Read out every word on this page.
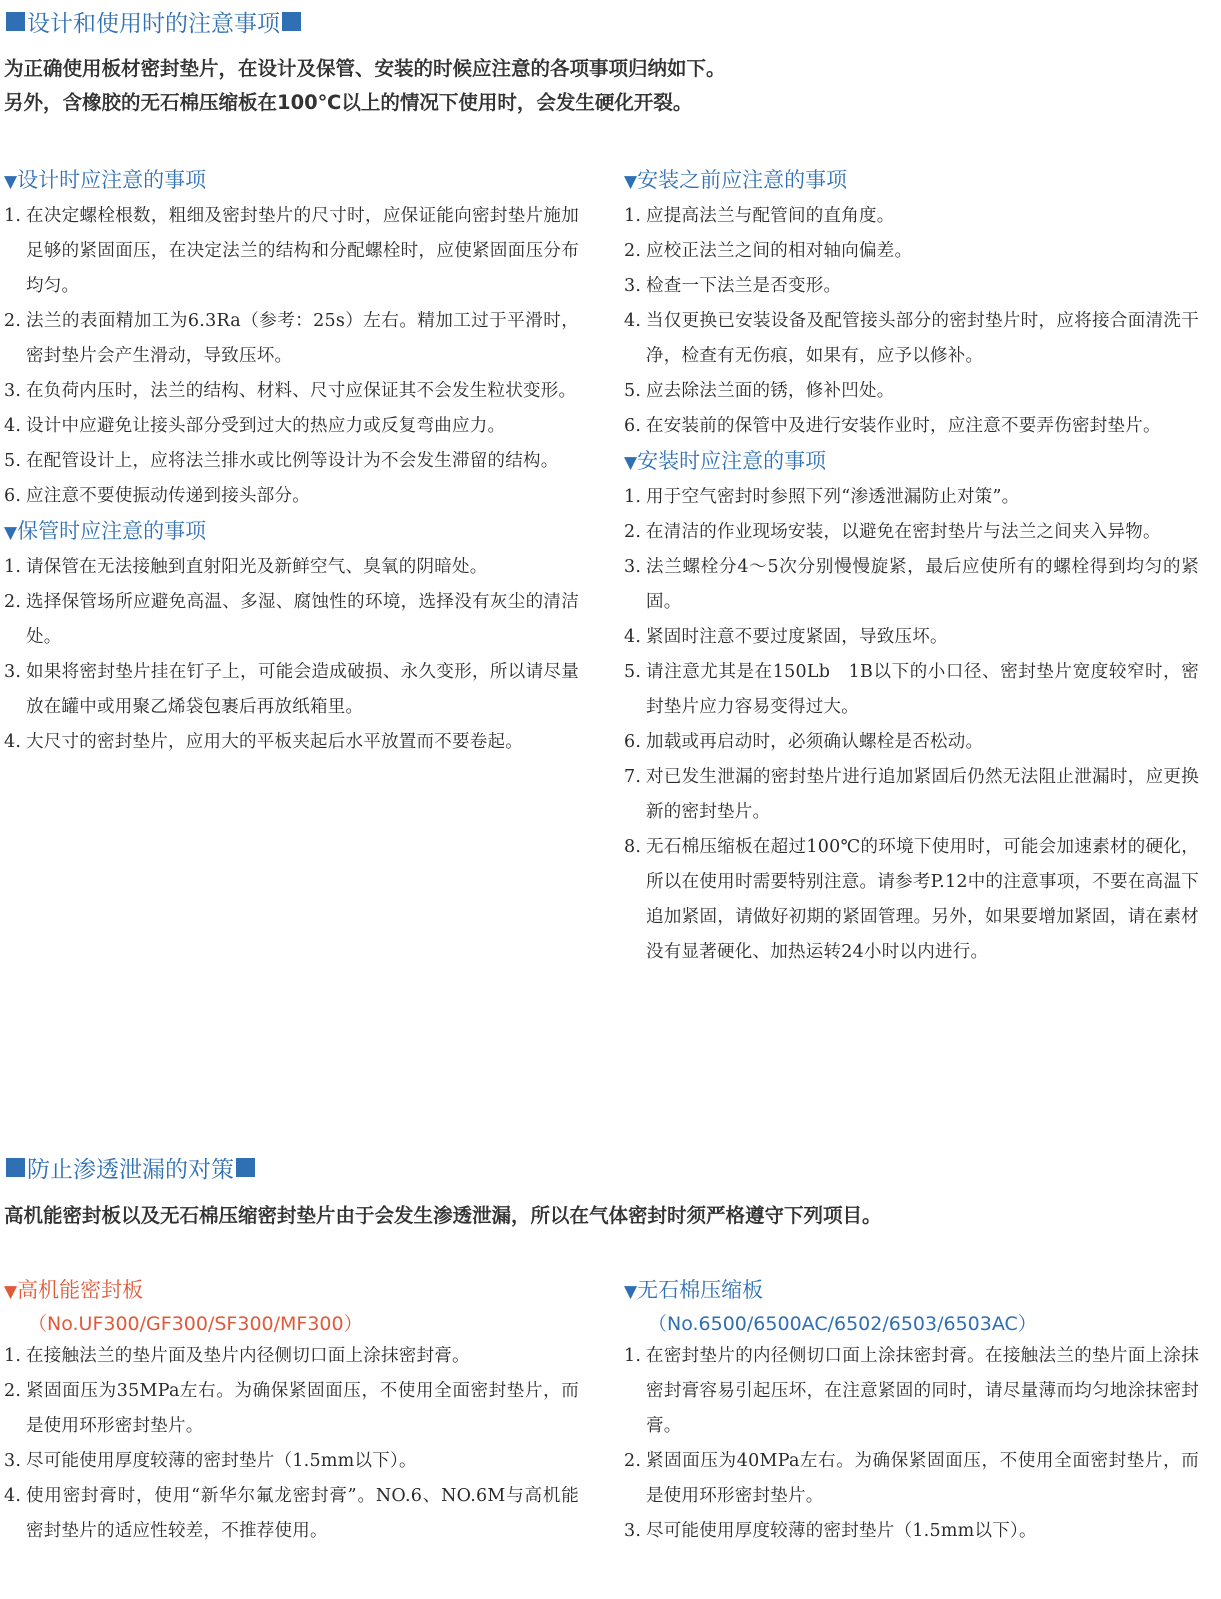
设计和使用时的注意事项
为正确使用板材密封垫片，在设计及保管、安装的时候应注意的各项事项归纳如下。
另外，含橡胶的无石棉压缩板在100℃以上的情况下使用时，会发生硬化开裂。
▼设计时应注意的事项
1. 在决定螺栓根数，粗细及密封垫片的尺寸时，应保证能向密封垫片施加足够的紧固面压，在决定法兰的结构和分配螺栓时，应使紧固面压分布均匀。
2. 法兰的表面精加工为6.3Ra（参考：25s）左右。精加工过于平滑时，密封垫片会产生滑动，导致压坏。
3. 在负荷内压时，法兰的结构、材料、尺寸应保证其不会发生粒状变形。
4. 设计中应避免让接头部分受到过大的热应力或反复弯曲应力。
5. 在配管设计上，应将法兰排水或比例等设计为不会发生滞留的结构。
6. 应注意不要使振动传递到接头部分。
▼保管时应注意的事项
1. 请保管在无法接触到直射阳光及新鲜空气、臭氧的阴暗处。
2. 选择保管场所应避免高温、多湿、腐蚀性的环境，选择没有灰尘的清洁处。
3. 如果将密封垫片挂在钉子上，可能会造成破损、永久变形，所以请尽量放在罐中或用聚乙烯袋包裹后再放纸箱里。
4. 大尺寸的密封垫片，应用大的平板夹起后水平放置而不要卷起。
▼安装之前应注意的事项
1. 应提高法兰与配管间的直角度。
2. 应校正法兰之间的相对轴向偏差。
3. 检查一下法兰是否变形。
4. 当仅更换已安装设备及配管接头部分的密封垫片时，应将接合面清洗干净，检查有无伤痕，如果有，应予以修补。
5. 应去除法兰面的锈，修补凹处。
6. 在安装前的保管中及进行安装作业时，应注意不要弄伤密封垫片。
▼安装时应注意的事项
1. 用于空气密封时参照下列“渗透泄漏防止对策”。
2. 在清洁的作业现场安装，以避免在密封垫片与法兰之间夹入异物。
3. 法兰螺栓分4～5次分别慢慢旋紧，最后应使所有的螺栓得到均匀的紧固。
4. 紧固时注意不要过度紧固，导致压坏。
5. 请注意尤其是在150Lb　1B以下的小口径、密封垫片宽度较窄时，密封垫片应力容易变得过大。
6. 加载或再启动时，必须确认螺栓是否松动。
7. 对已发生泄漏的密封垫片进行追加紧固后仍然无法阻止泄漏时，应更换新的密封垫片。
8. 无石棉压缩板在超过100℃的环境下使用时，可能会加速素材的硬化，所以在使用时需要特别注意。请参考P.12中的注意事项，不要在高温下追加紧固，请做好初期的紧固管理。另外，如果要增加紧固，请在素材没有显著硬化、加热运转24小时以内进行。
防止渗透泄漏的对策
高机能密封板以及无石棉压缩密封垫片由于会发生渗透泄漏，所以在气体密封时须严格遵守下列项目。
▼高机能密封板
（No.UF300/GF300/SF300/MF300）
1. 在接触法兰的垫片面及垫片内径侧切口面上涂抹密封膏。
2. 紧固面压为35MPa左右。为确保紧固面压，不使用全面密封垫片，而是使用环形密封垫片。
3. 尽可能使用厚度较薄的密封垫片（1.5mm以下）。
4. 使用密封膏时，使用“新华尔氟龙密封膏”。NO.6、NO.6M与高机能密封垫片的适应性较差，不推荐使用。
▼无石棉压缩板
（No.6500/6500AC/6502/6503/6503AC）
1. 在密封垫片的内径侧切口面上涂抹密封膏。在接触法兰的垫片面上涂抹密封膏容易引起压坏，在注意紧固的同时，请尽量薄而均匀地涂抹密封膏。
2. 紧固面压为40MPa左右。为确保紧固面压，不使用全面密封垫片，而是使用环形密封垫片。
3. 尽可能使用厚度较薄的密封垫片（1.5mm以下）。
